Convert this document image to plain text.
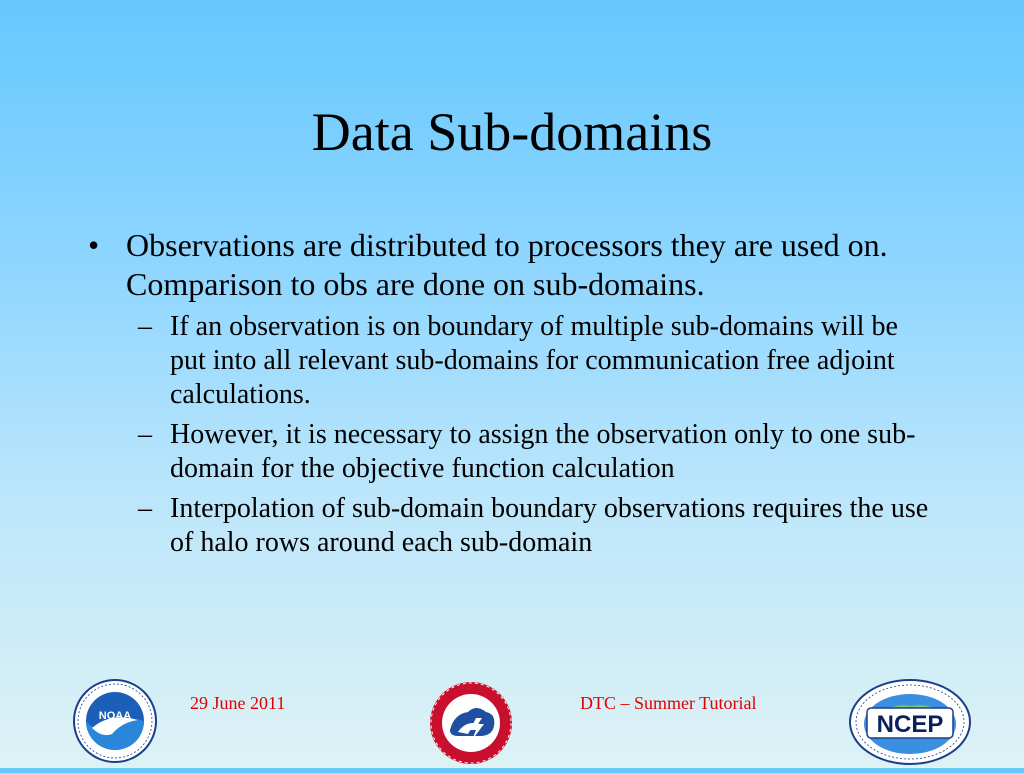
Data Sub-domains
• Observations are distributed to processors they are used on. Comparison to obs are done on sub-domains.
– If an observation is on boundary of multiple sub-domains will be put into all relevant sub-domains for communication free adjoint calculations.
– However, it is necessary to assign the observation only to one sub-domain for the objective function calculation
– Interpolation of sub-domain boundary observations requires the use of halo rows around each sub-domain
NOAA
29 June 2011	DTC – Summer Tutorial
NCEP
